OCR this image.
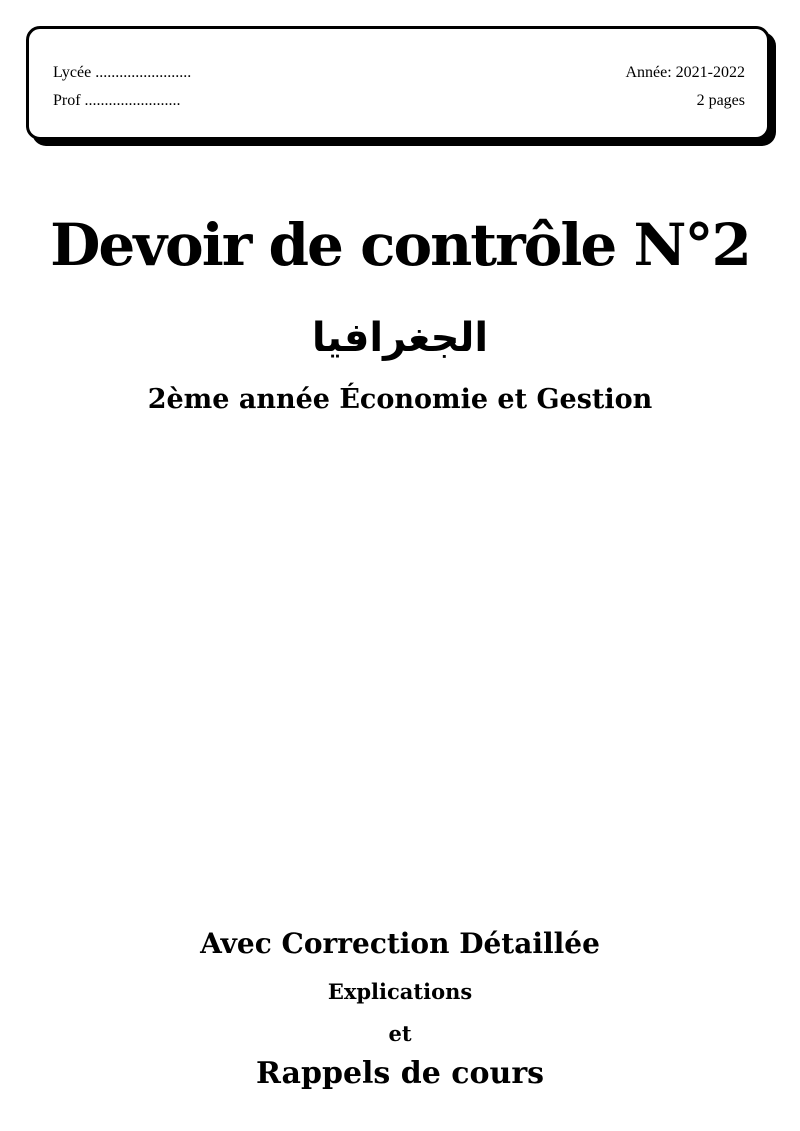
Lycée ........................
Prof ........................
Année: 2021-2022
2 pages
Devoir de contrôle N°2
الجغرافيا
2ème année Économie et Gestion
Avec Correction Détaillée
Explications
et
Rappels de cours
